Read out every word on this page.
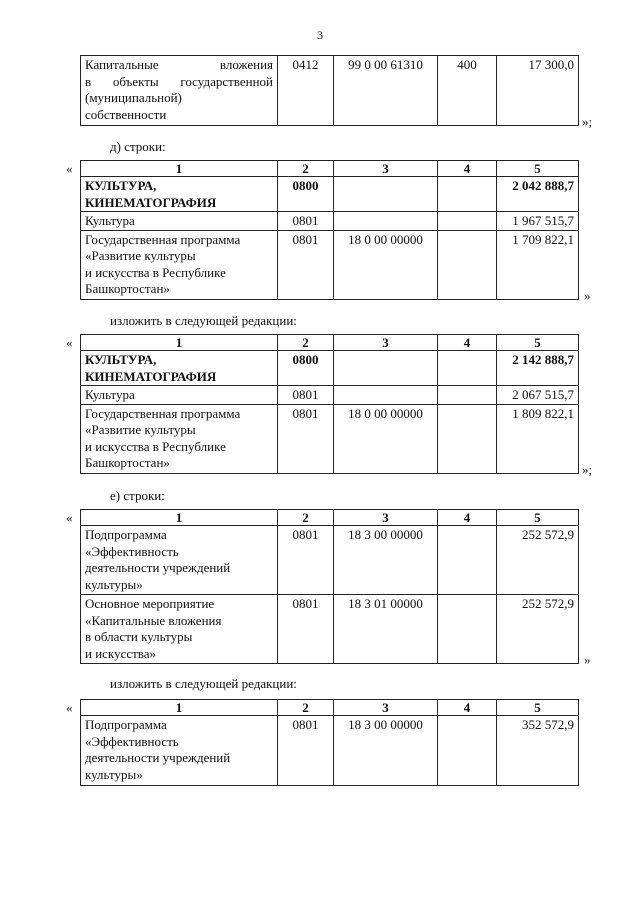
3
Капитальные вложения
в объекты государственной
(муниципальной)
собственности
	0412	99 0 00 61310	400	17 300,0
»;
д) строки:
«	1	2	3	4	5

КУЛЬТУРА,
КИНЕМАТОГРАФИЯ	0800			2 042 888,7

Культура	0801			1 967 515,7

Государственная программа
«Развитие культуры
и искусства в Республике
Башкортостан»	0801	18 0 00 00000		1 709 822,1
»
изложить в следующей редакции:
«	1	2	3	4	5

КУЛЬТУРА,
КИНЕМАТОГРАФИЯ	0800			2 142 888,7

Культура	0801			2 067 515,7

Государственная программа
«Развитие культуры
и искусства в Республике
Башкортостан»	0801	18 0 00 00000		1 809 822,1
»;
е) строки:
«	1	2	3	4	5

Подпрограмма
«Эффективность
деятельности учреждений
культуры»	0801	18 3 00 00000		252 572,9

Основное мероприятие
«Капитальные вложения
в области культуры
и искусства»	0801	18 3 01 00000		252 572,9
»
изложить в следующей редакции:
«	1	2	3	4	5

Подпрограмма
«Эффективность
деятельности учреждений
культуры»	0801	18 3 00 00000		352 572,9
